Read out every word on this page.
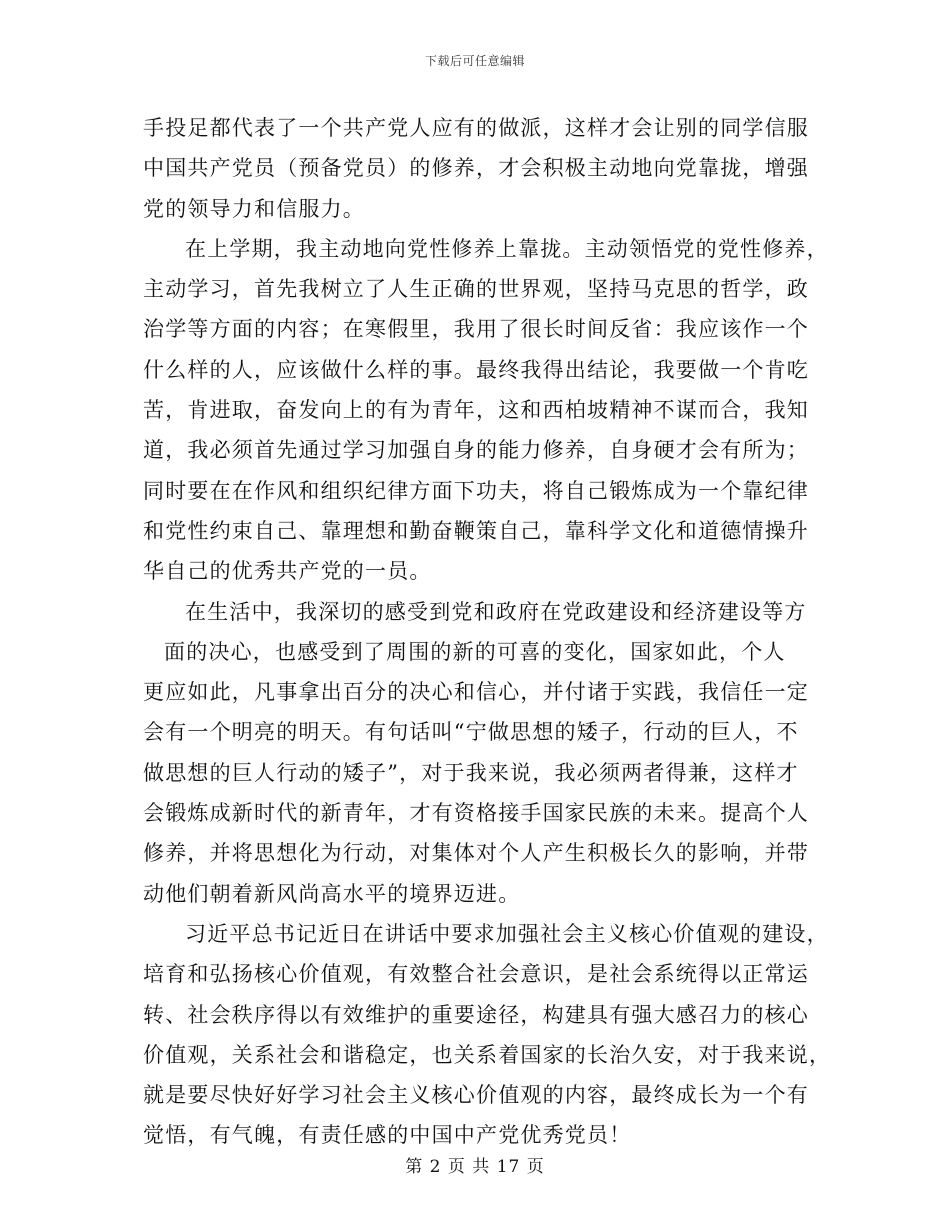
下载后可任意编辑
手投足都代表了一个共产党人应有的做派，这样才会让别的同学信服
中国共产党员（预备党员）的修养，才会积极主动地向党靠拢，增强
党的领导力和信服力。
在上学期，我主动地向党性修养上靠拢。主动领悟党的党性修养，
主动学习，首先我树立了人生正确的世界观，坚持马克思的哲学，政
治学等方面的内容；在寒假里，我用了很长时间反省：我应该作一个
什么样的人，应该做什么样的事。最终我得出结论，我要做一个肯吃
苦，肯进取，奋发向上的有为青年，这和西柏坡精神不谋而合，我知
道，我必须首先通过学习加强自身的能力修养，自身硬才会有所为；
同时要在在作风和组织纪律方面下功夫，将自己锻炼成为一个靠纪律
和党性约束自己、靠理想和勤奋鞭策自己，靠科学文化和道德情操升
华自己的优秀共产党的一员。
在生活中，我深切的感受到党和政府在党政建设和经济建设等方
面的决心，也感受到了周围的新的可喜的变化，国家如此，个人
更应如此，凡事拿出百分的决心和信心，并付诸于实践，我信任一定
会有一个明亮的明天。有句话叫“宁做思想的矮子，行动的巨人，不
做思想的巨人行动的矮子”，对于我来说，我必须两者得兼，这样才
会锻炼成新时代的新青年，才有资格接手国家民族的未来。提高个人
修养，并将思想化为行动，对集体对个人产生积极长久的影响，并带
动他们朝着新风尚高水平的境界迈进。
习近平总书记近日在讲话中要求加强社会主义核心价值观的建设，
培育和弘扬核心价值观，有效整合社会意识，是社会系统得以正常运
转、社会秩序得以有效维护的重要途径，构建具有强大感召力的核心
价值观，关系社会和谐稳定，也关系着国家的长治久安，对于我来说，
就是要尽快好好学习社会主义核心价值观的内容，最终成长为一个有
觉悟，有气魄，有责任感的中国中产党优秀党员！
第 2 页 共 17 页
